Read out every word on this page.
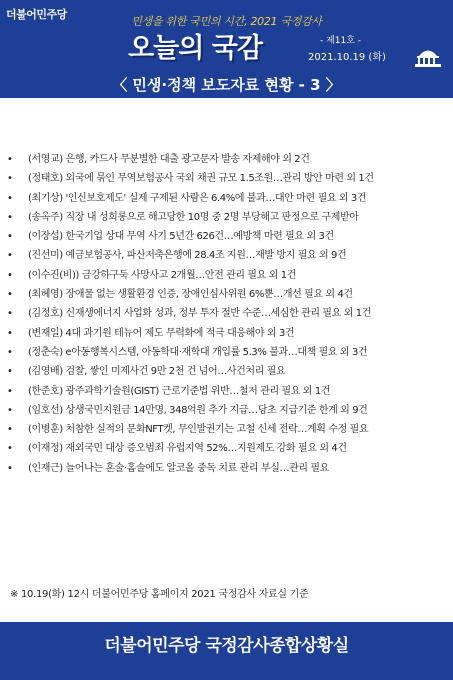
더불어민주당
민생을 위한 국민의 시간, 2021 국정감사
오늘의 국감	- 제11호 -
2021.10.19 (화)
〈 민생·정책 보도자료 현황 - 3 〉
• (서영교) 은행, 카드사 무분별한 대출 광고문자 발송 자제해야 외 2건
• (정태호) 외국에 묶인 무역보험공사 국외 채권 규모 1.5조원…관리 방안 마련 외 1건
• (최기상) '인신보호제도' 실제 구제된 사람은 6.4%에 불과…대안 마련 필요 외 3건
• (송옥주) 직장 내 성희롱으로 해고당한 10명 중 2명 부당해고 판정으로 구제받아
• (이장섭) 한국기업 상대 무역 사기 5년간 626건…예방책 마련 필요 외 3건
• (진선미) 예금보험공사, 파산저축은행에 28.4조 지원…재발 방지 필요 외 9건
• (이수진(비)) 금강하구둑 사망사고 2개월…안전 관리 필요 외 1건
• (최혜영) 장애물 없는 생활환경 인증, 장애인심사위원 6%뿐…개선 필요 외 4건
• (김정호) 신재생에너지 사업화 성과, 정부 투자 절반 수준…세심한 관리 필요 외 1건
• (변재일) 4대 과기원 테뉴어 제도 무력화에 적극 대응해야 외 3건
• (정춘숙) e아동행복시스템, 아동학대·재학대 개입률 5.3% 불과…대책 필요 외 3건
• (김영배) 검찰, 쌓인 미제사건 9만 2천 건 넘어…사건처리 필요
• (한준호) 광주과학기술원(GIST) 근로기준법 위반…철저 관리 필요 외 1건
• (임호선) 상생국민지원금 14만명, 348억원 추가 지급…당초 지급기준 한계 외 9건
• (이병훈) 처참한 실적의 문화NFT켓, 무인발권기는 고철 신세 전락…계획 수정 필요
• (이재정) 재외국민 대상 증오범죄 유럽지역 52%…지원제도 강화 필요 외 4건
• (인재근) 늘어나는 혼술·홈술에도 알코올 중독 치료 관리 부실…관리 필요
※ 10.19(화) 12시 더불어민주당 홈페이지 2021 국정감사 자료실 기준
더불어민주당 국정감사종합상황실
